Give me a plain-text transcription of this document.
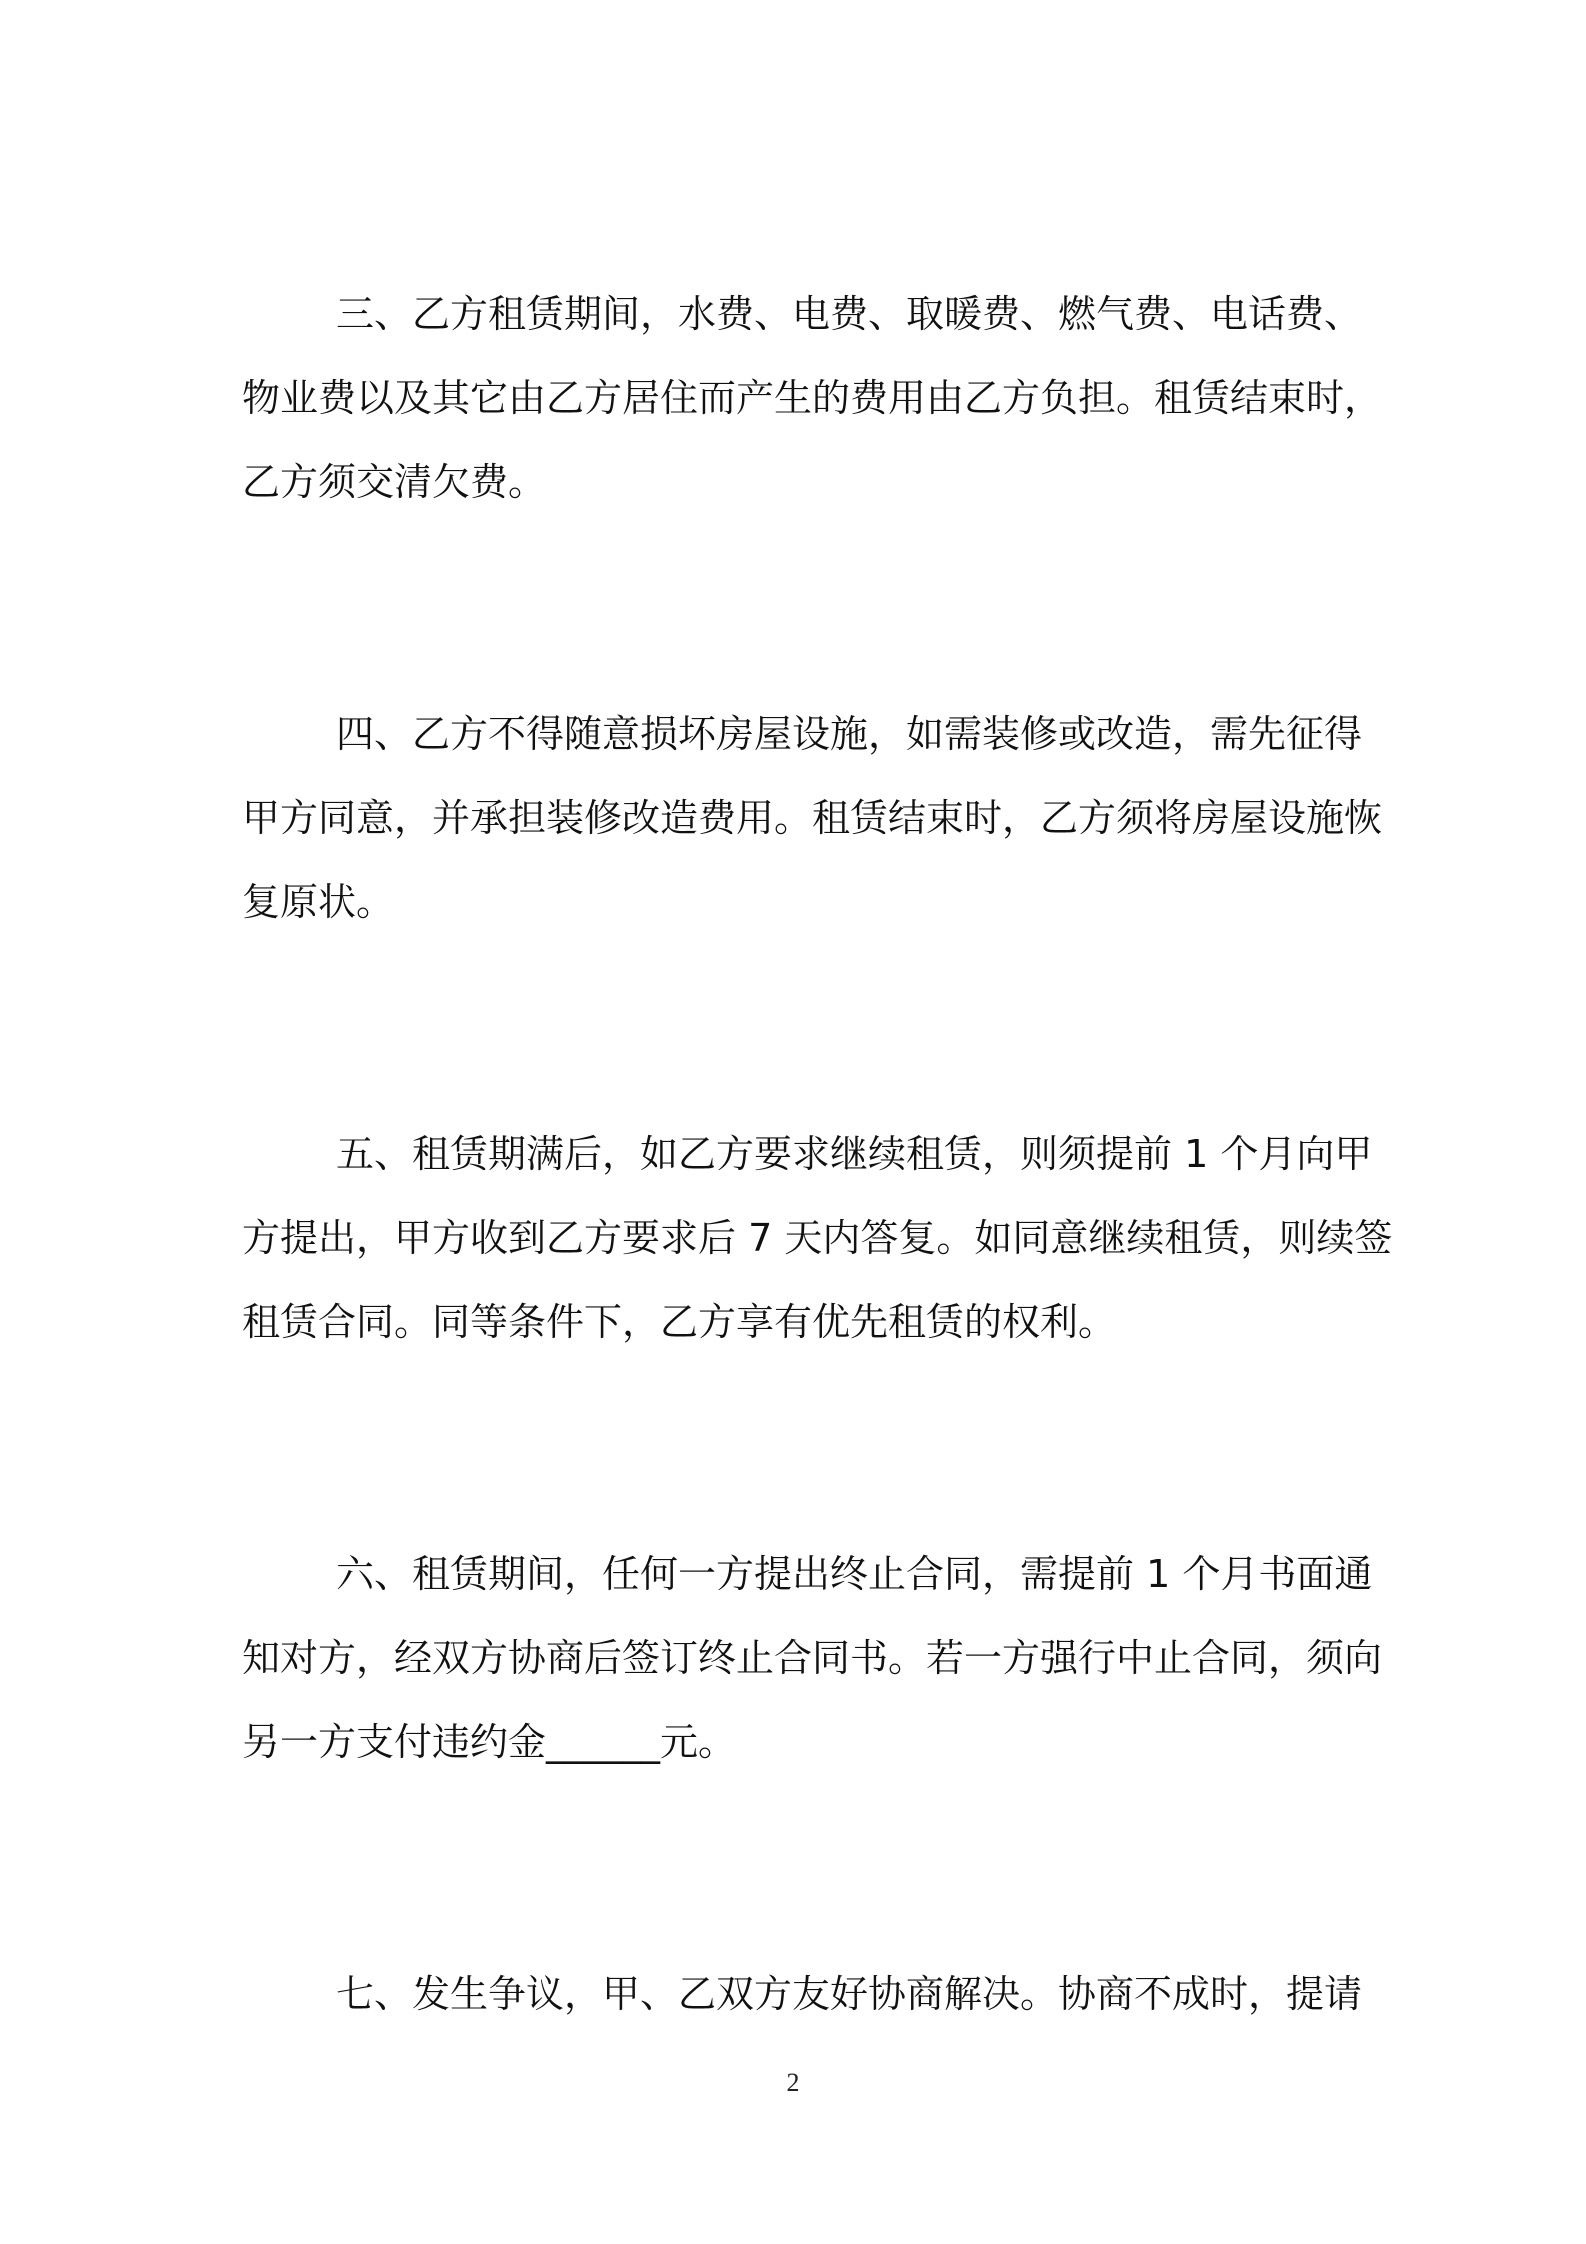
三、乙方租赁期间，水费、电费、取暖费、燃气费、电话费、
物业费以及其它由乙方居住而产生的费用由乙方负担。租赁结束时，
乙方须交清欠费。
四、乙方不得随意损坏房屋设施，如需装修或改造，需先征得
甲方同意，并承担装修改造费用。租赁结束时，乙方须将房屋设施恢
复原状。
五、租赁期满后，如乙方要求继续租赁，则须提前 1 个月向甲
方提出，甲方收到乙方要求后 7 天内答复。如同意继续租赁，则续签
租赁合同。同等条件下，乙方享有优先租赁的权利。
六、租赁期间，任何一方提出终止合同，需提前 1 个月书面通
知对方，经双方协商后签订终止合同书。若一方强行中止合同，须向
另一方支付违约金______元。
七、发生争议，甲、乙双方友好协商解决。协商不成时，提请
2
